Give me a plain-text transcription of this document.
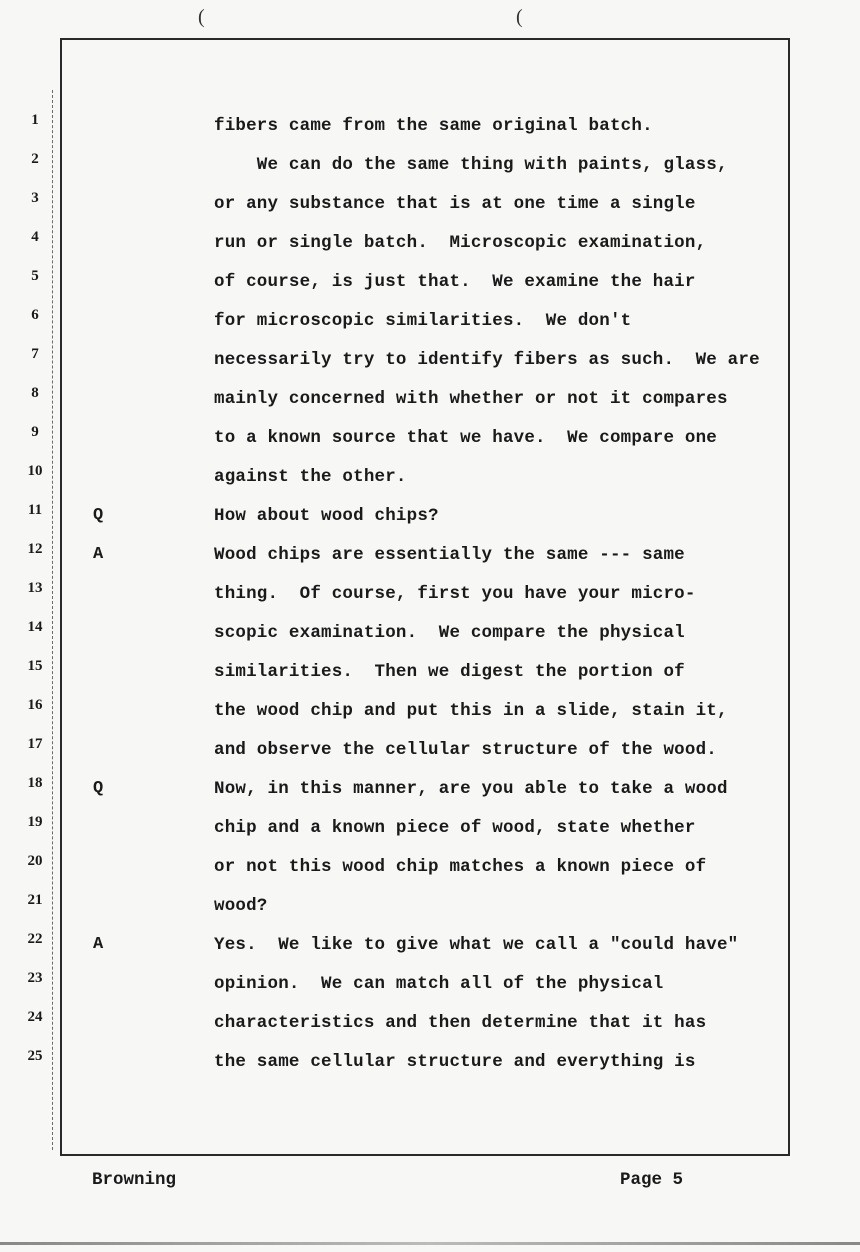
(	(
1	fibers came from the same original batch.
2	We can do the same thing with paints, glass,
3	or any substance that is at one time a single
4	run or single batch.  Microscopic examination,
5	of course, is just that.  We examine the hair
6	for microscopic similarities.  We don't
7	necessarily try to identify fibers as such.  We are
8	mainly concerned with whether or not it compares
9	to a known source that we have.  We compare one
10	against the other.
11	Q	How about wood chips?
12	A	Wood chips are essentially the same --- same
13	thing.  Of course, first you have your micro-
14	scopic examination.  We compare the physical
15	similarities.  Then we digest the portion of
16	the wood chip and put this in a slide, stain it,
17	and observe the cellular structure of the wood.
18	Q	Now, in this manner, are you able to take a wood
19	chip and a known piece of wood, state whether
20	or not this wood chip matches a known piece of
21	wood?
22	A	Yes.  We like to give what we call a "could have"
23	opinion.  We can match all of the physical
24	characteristics and then determine that it has
25	the same cellular structure and everything is
Browning	Page 5
